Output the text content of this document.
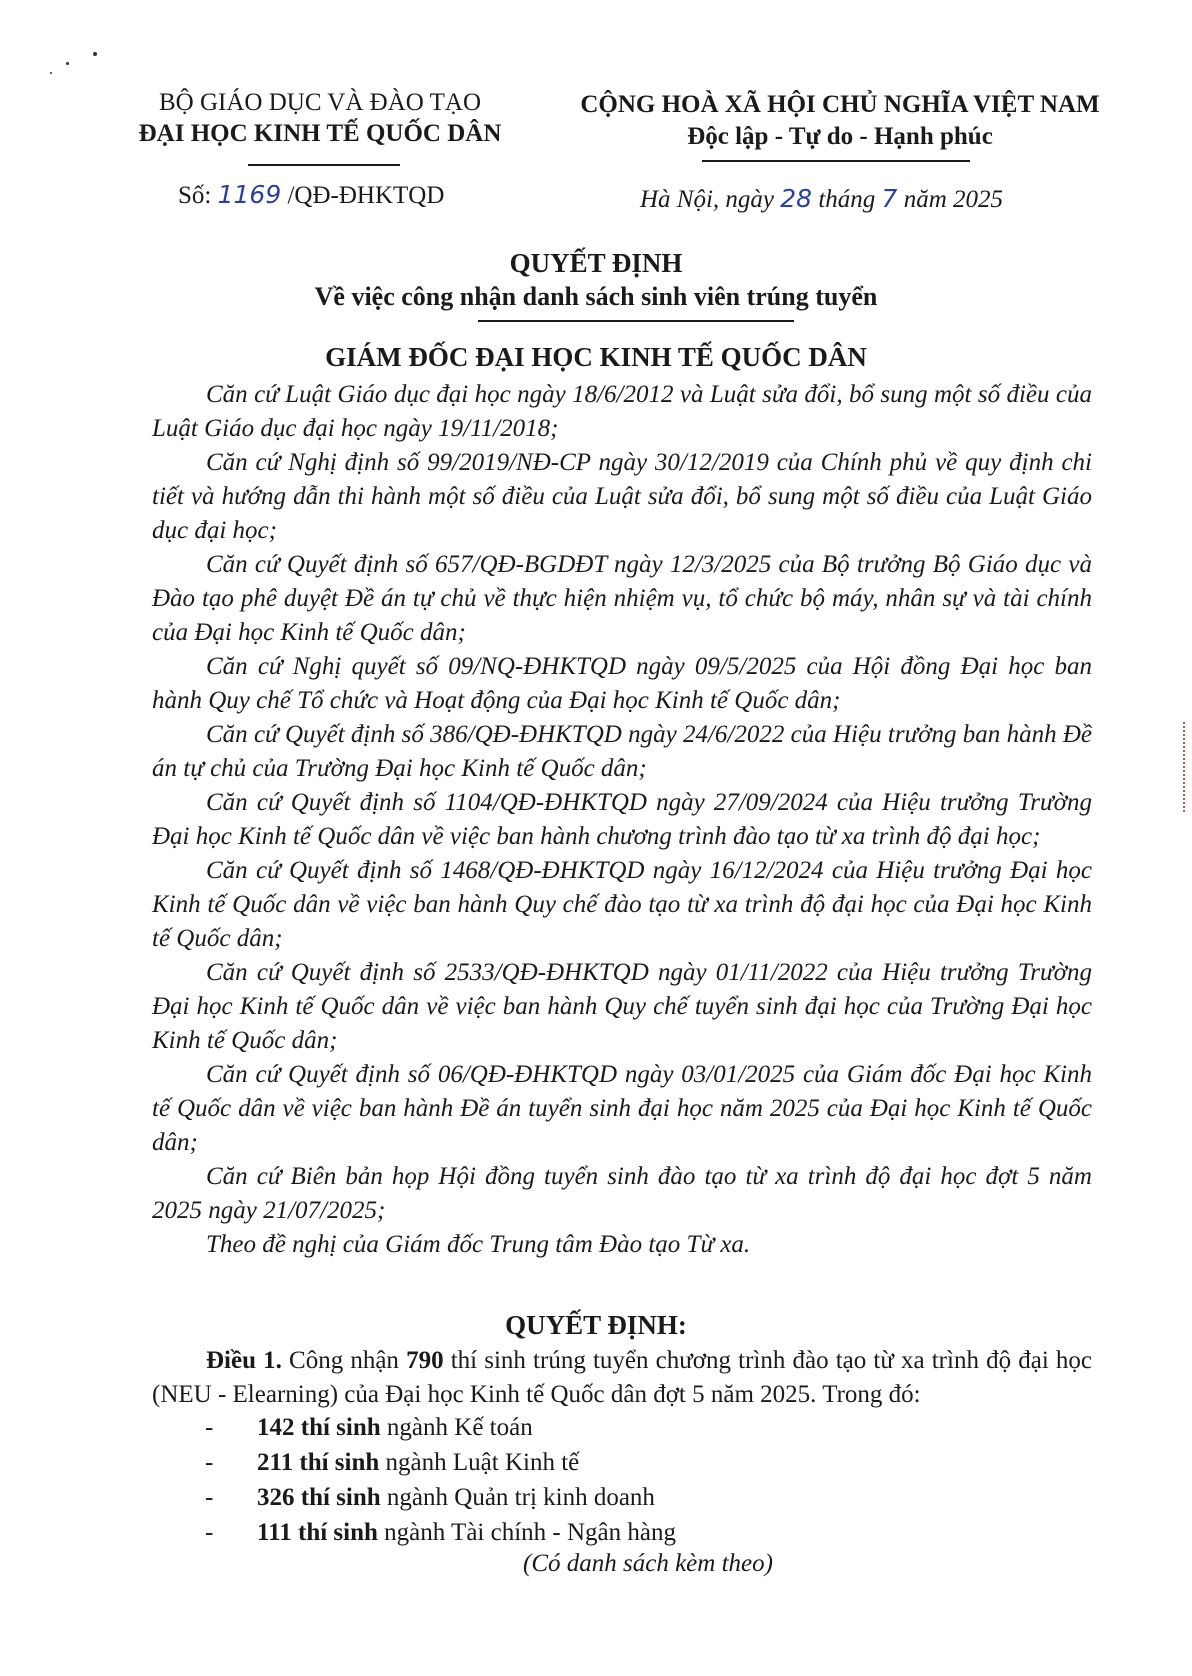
BỘ GIÁO DỤC VÀ ĐÀO TẠO
ĐẠI HỌC KINH TẾ QUỐC DÂN
CỘNG HOÀ XÃ HỘI CHỦ NGHĨA VIỆT NAM
Độc lập - Tự do - Hạnh phúc
Số: 1169 /QĐ-ĐHKTQD	Hà Nội, ngày 28 tháng 7 năm 2025
QUYẾT ĐỊNH
Về việc công nhận danh sách sinh viên trúng tuyển
GIÁM ĐỐC ĐẠI HỌC KINH TẾ QUỐC DÂN

Căn cứ Luật Giáo dục đại học ngày 18/6/2012 và Luật sửa đổi, bổ sung một số điều của Luật Giáo dục đại học ngày 19/11/2018;

Căn cứ Nghị định số 99/2019/NĐ-CP ngày 30/12/2019 của Chính phủ về quy định chi tiết và hướng dẫn thi hành một số điều của Luật sửa đổi, bổ sung một số điều của Luật Giáo dục đại học;

Căn cứ Quyết định số 657/QĐ-BGDĐT ngày 12/3/2025 của Bộ trưởng Bộ Giáo dục và Đào tạo phê duyệt Đề án tự chủ về thực hiện nhiệm vụ, tổ chức bộ máy, nhân sự và tài chính của Đại học Kinh tế Quốc dân;

Căn cứ Nghị quyết số 09/NQ-ĐHKTQD ngày 09/5/2025 của Hội đồng Đại học ban hành Quy chế Tổ chức và Hoạt động của Đại học Kinh tế Quốc dân;

Căn cứ Quyết định số 386/QĐ-ĐHKTQD ngày 24/6/2022 của Hiệu trưởng ban hành Đề án tự chủ của Trường Đại học Kinh tế Quốc dân;

Căn cứ Quyết định số 1104/QĐ-ĐHKTQD ngày 27/09/2024 của Hiệu trưởng Trường Đại học Kinh tế Quốc dân về việc ban hành chương trình đào tạo từ xa trình độ đại học;

Căn cứ Quyết định số 1468/QĐ-ĐHKTQD ngày 16/12/2024 của Hiệu trưởng Đại học Kinh tế Quốc dân về việc ban hành Quy chế đào tạo từ xa trình độ đại học của Đại học Kinh tế Quốc dân;

Căn cứ Quyết định số 2533/QĐ-ĐHKTQD ngày 01/11/2022 của Hiệu trưởng Trường Đại học Kinh tế Quốc dân về việc ban hành Quy chế tuyển sinh đại học của Trường Đại học Kinh tế Quốc dân;

Căn cứ Quyết định số 06/QĐ-ĐHKTQD ngày 03/01/2025 của Giám đốc Đại học Kinh tế Quốc dân về việc ban hành Đề án tuyển sinh đại học năm 2025 của Đại học Kinh tế Quốc dân;

Căn cứ Biên bản họp Hội đồng tuyển sinh đào tạo từ xa trình độ đại học đợt 5 năm 2025 ngày 21/07/2025;

Theo đề nghị của Giám đốc Trung tâm Đào tạo Từ xa.

QUYẾT ĐỊNH:
Điều 1. Công nhận 790 thí sinh trúng tuyển chương trình đào tạo từ xa trình độ đại học (NEU - Elearning) của Đại học Kinh tế Quốc dân đợt 5 năm 2025. Trong đó:
-	142 thí sinh ngành Kế toán
-	211 thí sinh ngành Luật Kinh tế
-	326 thí sinh ngành Quản trị kinh doanh
-	111 thí sinh ngành Tài chính - Ngân hàng
(Có danh sách kèm theo)
